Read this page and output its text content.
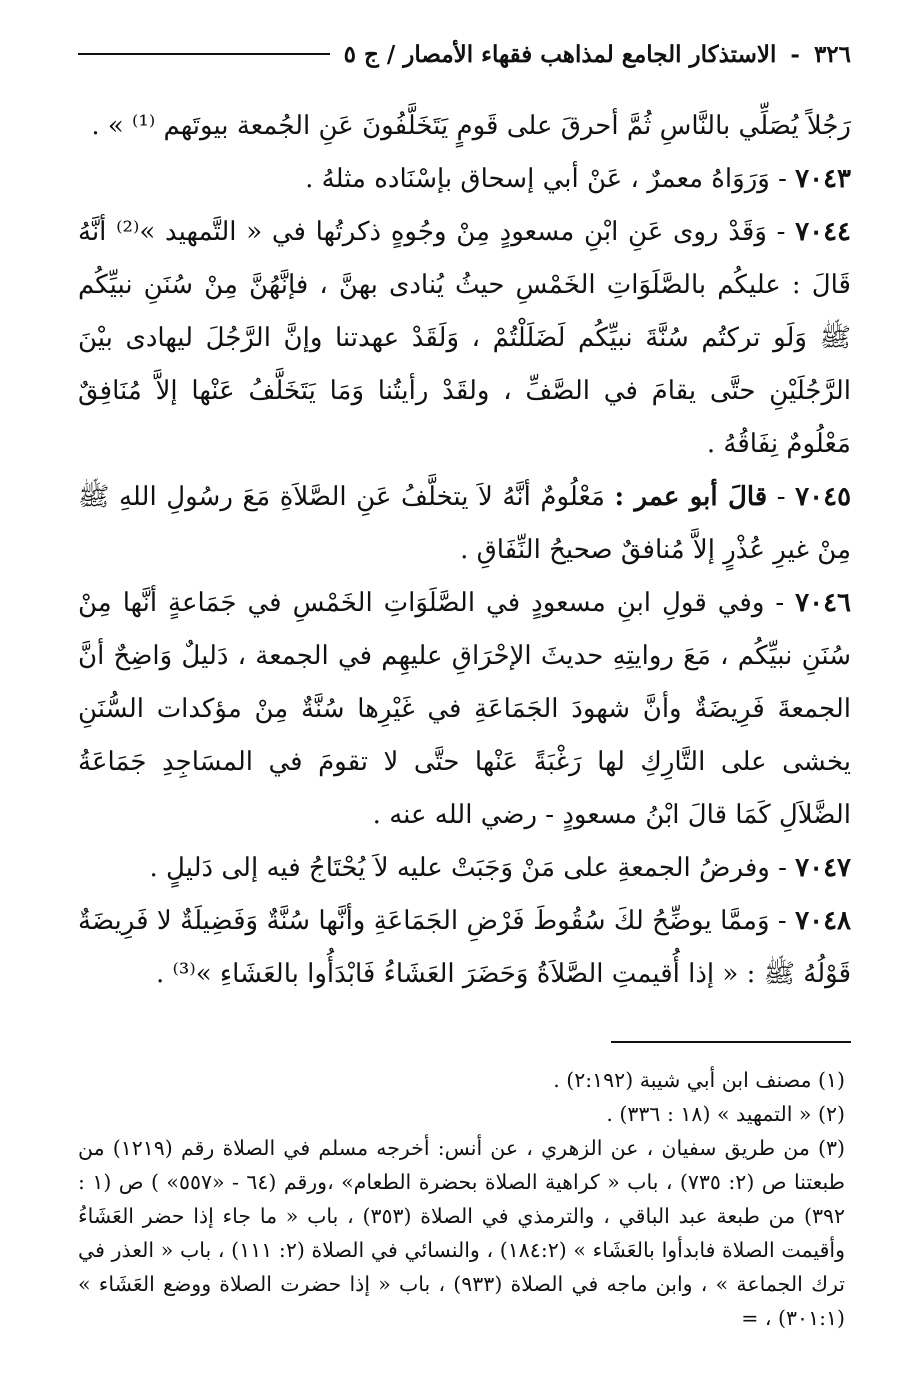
٣٢٦
-
الاستذكار الجامع لمذاهب فقهاء الأمصار / ج ٥

رَجُلاً يُصَلِّي بالنَّاسِ ثُمَّ أحرقَ على قَومٍ يَتَخَلَّفُونَ عَنِ الجُمعة بيوتَهم ⁽¹⁾ » .

٧٠٤٣ - وَرَوَاهُ معمرٌ ، عَنْ أبي إسحاق بإسْنَاده مثلهُ .

٧٠٤٤ - وَقَدْ روى عَنِ ابْنِ مسعودٍ مِنْ وجُوهٍ ذكرتُها في « التَّمهيد »⁽²⁾ أنَّهُ قَالَ : عليكُم بالصَّلَوَاتِ الخَمْسِ حيثُ يُنادى بهنَّ ، فإنَّهُنَّ مِنْ سُنَنِ نبيِّكُم ﷺ وَلَو تركتُم سُنَّةَ نبيِّكُم لَضَلَلْتُمْ ، وَلَقَدْ عهدتنا وإنَّ الرَّجُلَ ليهادى بيْنَ الرَّجُلَيْنِ حتَّى يقامَ في الصَّفِّ ، ولقَدْ رأيتُنا وَمَا يَتَخَلَّفُ عَنْها إلاَّ مُنَافِقٌ مَعْلُومٌ نِفَاقُهُ .

٧٠٤٥ - قالَ أبو عمر : مَعْلُومٌ أنَّهُ لاَ يتخلَّفُ عَنِ الصَّلاَةِ مَعَ رسُولِ اللهِ ﷺ مِنْ غيرِ عُذْرٍ إلاَّ مُنافقٌ صحيحُ النِّفَاقِ .

٧٠٤٦ - وفي قولِ ابنِ مسعودٍ في الصَّلَوَاتِ الخَمْسِ في جَمَاعةٍ أنَّها مِنْ سُنَنِ نبيِّكُم ، مَعَ روايتِهِ حديثَ الإحْرَاقِ عليهِم في الجمعة ، دَليلٌ وَاضِحٌ أنَّ الجمعةَ فَرِيضَةٌ وأنَّ شهودَ الجَمَاعَةِ في غَيْرِها سُنَّةٌ مِنْ مؤكدات السُّنَنِ يخشى على التَّارِكِ لها رَغْبَةً عَنْها حتَّى لا تقومَ في المسَاجِدِ جَمَاعَةُ الضَّلاَلِ كَمَا قالَ ابْنُ مسعودٍ - رضي الله عنه .

٧٠٤٧ - وفرضُ الجمعةِ على مَنْ وَجَبَتْ عليه لاَ يُحْتَاجُ فيه إلى دَليلٍ .

٧٠٤٨ - وَممَّا يوضِّحُ لكَ سُقُوطَ فَرْضِ الجَمَاعَةِ وأنَّها سُنَّةٌ وَفَضِيلَةٌ لا فَرِيضَةٌ قَوْلُهُ ﷺ : « إذا أُقيمتِ الصَّلاَةُ وَحَضَرَ العَشَاءُ فَابْدَأُوا بالعَشَاءِ »⁽³⁾ .

(١) مصنف ابن أبي شيبة (٢:١٩٢) .

(٢) « التمهيد » (١٨ : ٣٣٦) .

(٣) من طريق سفيان ، عن الزهري ، عن أنس: أخرجه مسلم في الصلاة رقم (١٢١٩) من طبعتنا ص (٢: ٧٣٥) ، باب « كراهية الصلاة بحضرة الطعام» ،ورقم (٦٤ - «٥٥٧» ) ص (١ : ٣٩٢) من طبعة عبد الباقي ، والترمذي في الصلاة (٣٥٣) ، باب « ما جاء إذا حضر العَشَاءُ وأقيمت الصلاة فابدأوا بالعَشَاء » (١٨٤:٢) ، والنسائي في الصلاة (٢: ١١١) ، باب « العذر في ترك الجماعة » ، وابن ماجه في الصلاة (٩٣٣) ، باب « إذا حضرت الصلاة ووضع العَشَاء » (٣٠١:١) ، =
